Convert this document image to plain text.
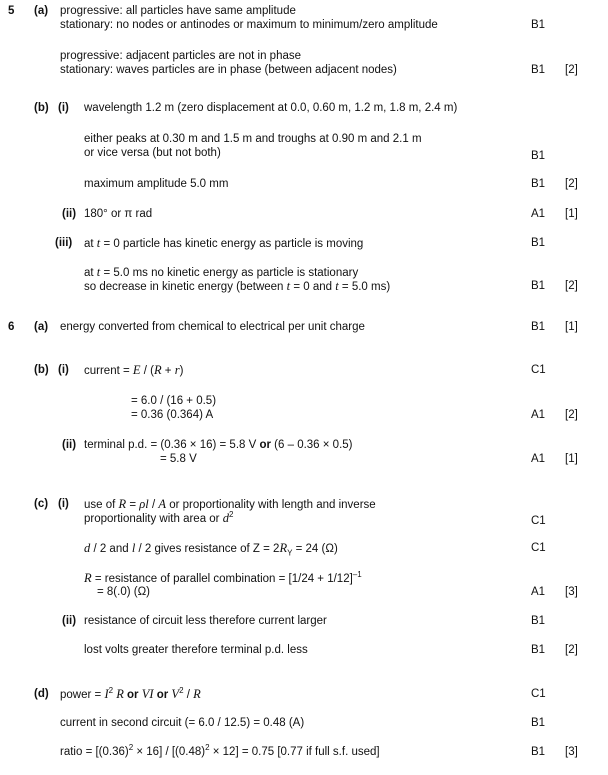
5 (a) progressive: all particles have same amplitude
stationary: no nodes or antinodes or maximum to minimum/zero amplitude	B1
progressive: adjacent particles are not in phase
stationary: waves particles are in phase (between adjacent nodes)	B1 [2]
(b) (i) wavelength 1.2 m (zero displacement at 0.0, 0.60 m, 1.2 m, 1.8 m, 2.4 m)
either peaks at 0.30 m and 1.5 m and troughs at 0.90 m and 2.1 m
or vice versa (but not both)	B1
maximum amplitude 5.0 mm	B1 [2]
(ii) 180° or π rad	A1 [1]
(iii) at t = 0 particle has kinetic energy as particle is moving	B1
at t = 5.0 ms no kinetic energy as particle is stationary
so decrease in kinetic energy (between t = 0 and t = 5.0 ms)	B1 [2]
6 (a) energy converted from chemical to electrical per unit charge	B1 [1]
(b) (i) current = E / (R + r)	C1
= 6.0 / (16 + 0.5)
= 0.36 (0.364) A	A1 [2]
(ii) terminal p.d. = (0.36 × 16) = 5.8 V or (6 – 0.36 × 0.5)
= 5.8 V	A1 [1]
(c) (i) use of R = ρl / A or proportionality with length and inverse
proportionality with area or $d^2$
C1
d / 2 and l / 2 gives resistance of $Z = 2R_Y = 24$ (Ω)	C1
R = resistance of parallel combination = $[1/24 + 1/12]^{-1}$
= 8(.0) (Ω)	A1 [3]
(ii) resistance of circuit less therefore current larger	B1
lost volts greater therefore terminal p.d. less	B1 [2]
(d) power = $I^2$ R or VI or $V^2$ / R	C1
current in second circuit (= 6.0 / 12.5) = 0.48 (A)	B1
ratio = $[(0.36)^2 \times 16] / [(0.48)^2 \times 12] = 0.75$ [0.77 if full s.f. used]	B1 [3]
